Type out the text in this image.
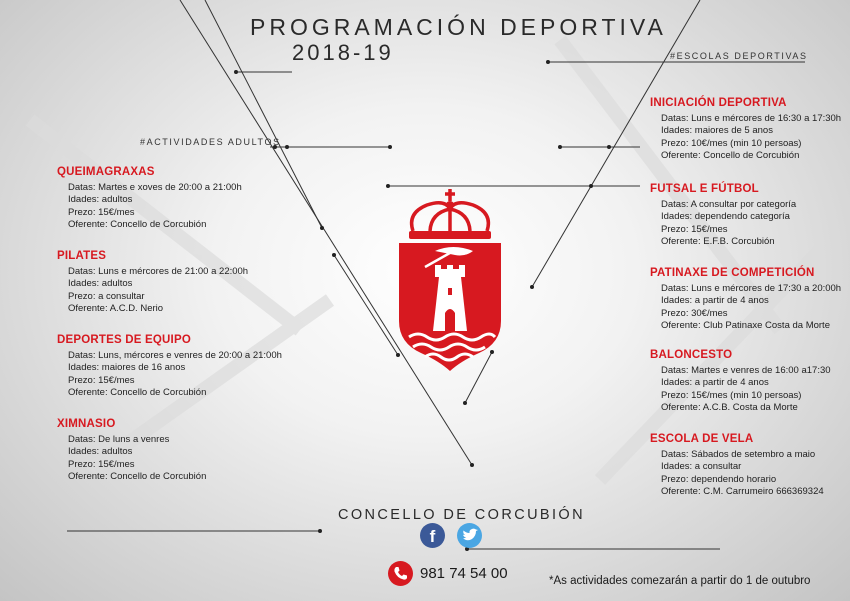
PROGRAMACIÓN DEPORTIVA
2018-19
#ACTIVIDADES ADULTOS
#ESCOLAS DEPORTIVAS
QUEIMAGRAXAS
Datas: Martes e xoves de 20:00 a 21:00h
Idades: adultos
Prezo: 15€/mes
Oferente: Concello de Corcubión
PILATES
Datas: Luns e mércores de 21:00 a 22:00h
Idades: adultos
Prezo: a consultar
Oferente: A.C.D. Nerio
DEPORTES DE EQUIPO
Datas: Luns, mércores e venres de 20:00 a 21:00h
Idades: maiores de 16 anos
Prezo: 15€/mes
Oferente: Concello de Corcubión
XIMNASIO
Datas: De luns a venres
Idades: adultos
Prezo: 15€/mes
Oferente: Concello de Corcubión
INICIACIÓN DEPORTIVA
Datas: Luns e mércores de 16:30 a 17:30h
Idades: maiores de 5 anos
Prezo: 10€/mes (min 10 persoas)
Oferente: Concello de Corcubión
FUTSAL E FÚTBOL
Datas: A consultar por categoría
Idades: dependendo categoría
Prezo: 15€/mes
Oferente: E.F.B. Corcubión
PATINAXE DE COMPETICIÓN
Datas: Luns e mércores de 17:30 a 20:00h
Idades: a partir de 4 anos
Prezo: 30€/mes
Oferente: Club Patinaxe Costa da Morte
BALONCESTO
Datas: Martes e venres de 16:00 a17:30
Idades: a partir de 4 anos
Prezo: 15€/mes (min 10 persoas)
Oferente: A.C.B. Costa da Morte
ESCOLA DE VELA
Datas: Sábados de setembro a maio
Idades: a consultar
Prezo: dependendo horario
Oferente: C.M. Carrumeiro 666369324
CONCELLO DE CORCUBIÓN
f
981 74 54 00	*As actividades comezarán a partir do 1 de outubro
